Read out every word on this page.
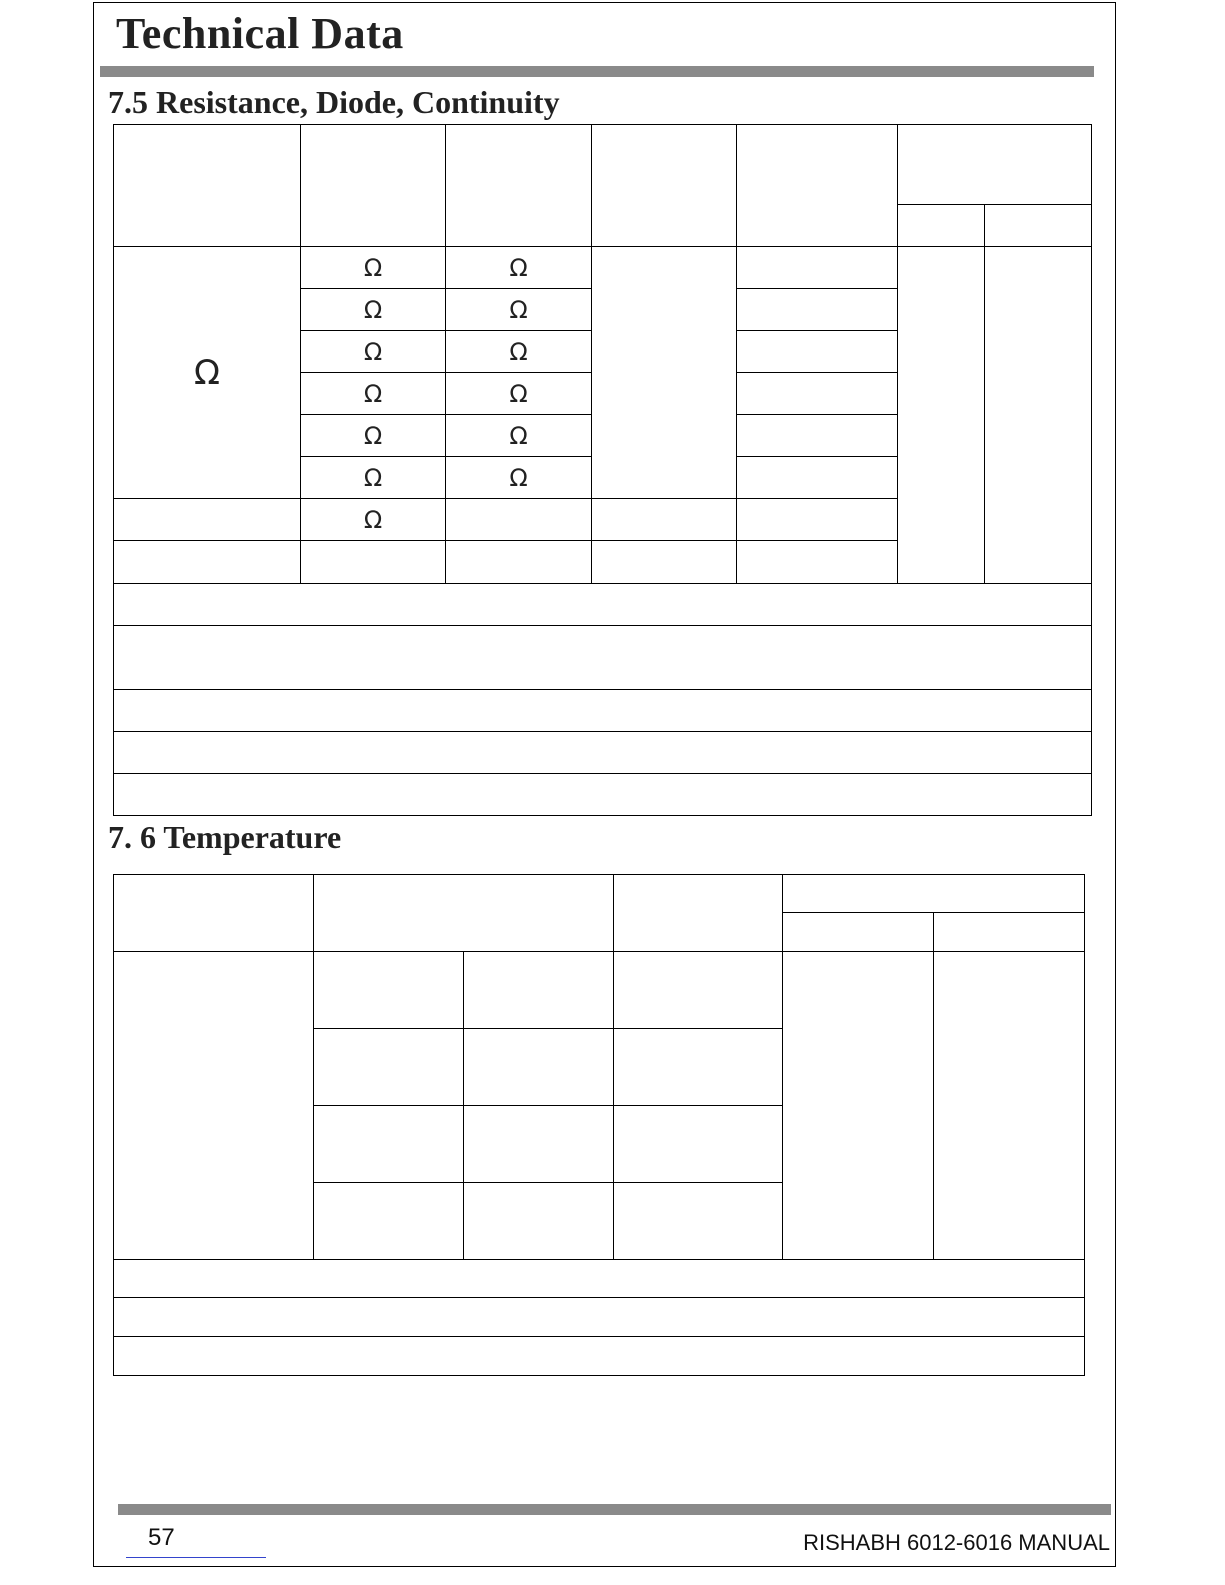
Technical Data
7.5 Resistance, Diode, Continuity

Ω	Ω	Ω				
	Ω	Ω				
	Ω	Ω				
	Ω	Ω				
	Ω	Ω				
	Ω	Ω				
	Ω					

7. 6 Temperature

57	RISHABH 6012-6016 MANUAL
